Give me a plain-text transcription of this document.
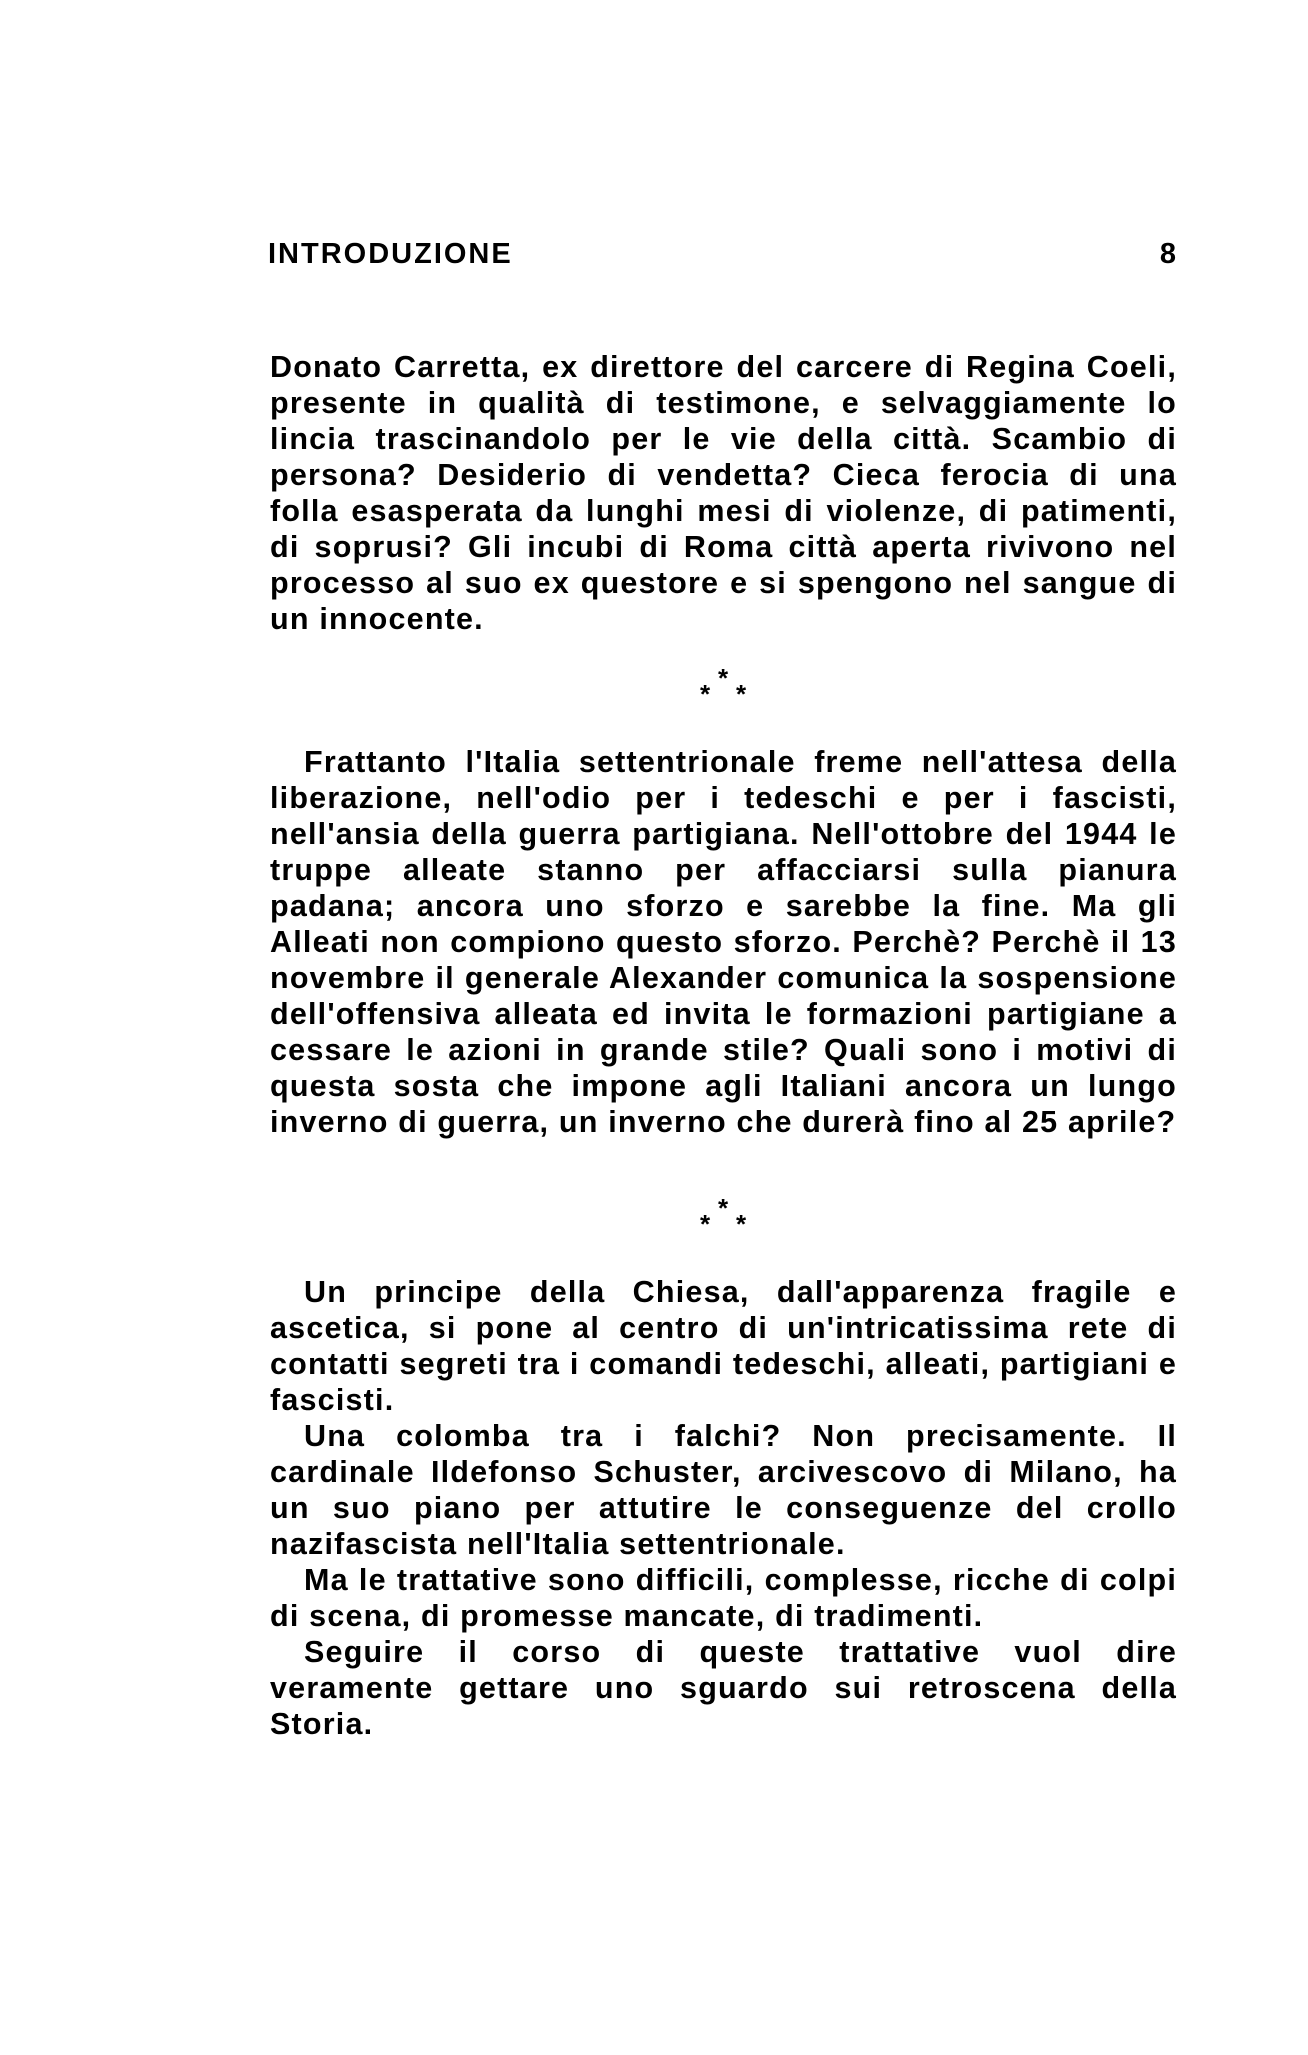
INTRODUZIONE	8

Donato Carretta, ex direttore del carcere di Regina Coeli, presente in qualità di testimone, e selvaggiamente lo lincia trascinandolo per le vie della città. Scambio di persona? Desiderio di vendetta? Cieca ferocia di una folla esasperata da lunghi mesi di violenze, di patimenti, di soprusi? Gli incubi di Roma città aperta rivivono nel processo al suo ex questore e si spengono nel sangue di un innocente.

*
* *

Frattanto l'Italia settentrionale freme nell'attesa della liberazione, nell'odio per i tedeschi e per i fascisti, nell'ansia della guerra partigiana. Nell'ottobre del 1944 le truppe alleate stanno per affacciarsi sulla pianura padana; ancora uno sforzo e sarebbe la fine. Ma gli Alleati non compiono questo sforzo. Perchè? Perchè il 13 novembre il generale Alexander comunica la sospensione dell'offensiva alleata ed invita le formazioni partigiane a cessare le azioni in grande stile? Quali sono i motivi di questa sosta che impone agli Italiani ancora un lungo inverno di guerra, un inverno che durerà fino al 25 aprile?

*
* *

Un principe della Chiesa, dall'apparenza fragile e ascetica, si pone al centro di un'intricatissima rete di contatti segreti tra i comandi tedeschi, alleati, partigiani e fascisti.

Una colomba tra i falchi? Non precisamente. Il cardinale Ildefonso Schuster, arcivescovo di Milano, ha un suo piano per attutire le conseguenze del crollo nazifascista nell'Italia settentrionale.

Ma le trattative sono difficili, complesse, ricche di colpi di scena, di promesse mancate, di tradimenti.

Seguire il corso di queste trattative vuol dire veramente gettare uno sguardo sui retroscena della Storia.
